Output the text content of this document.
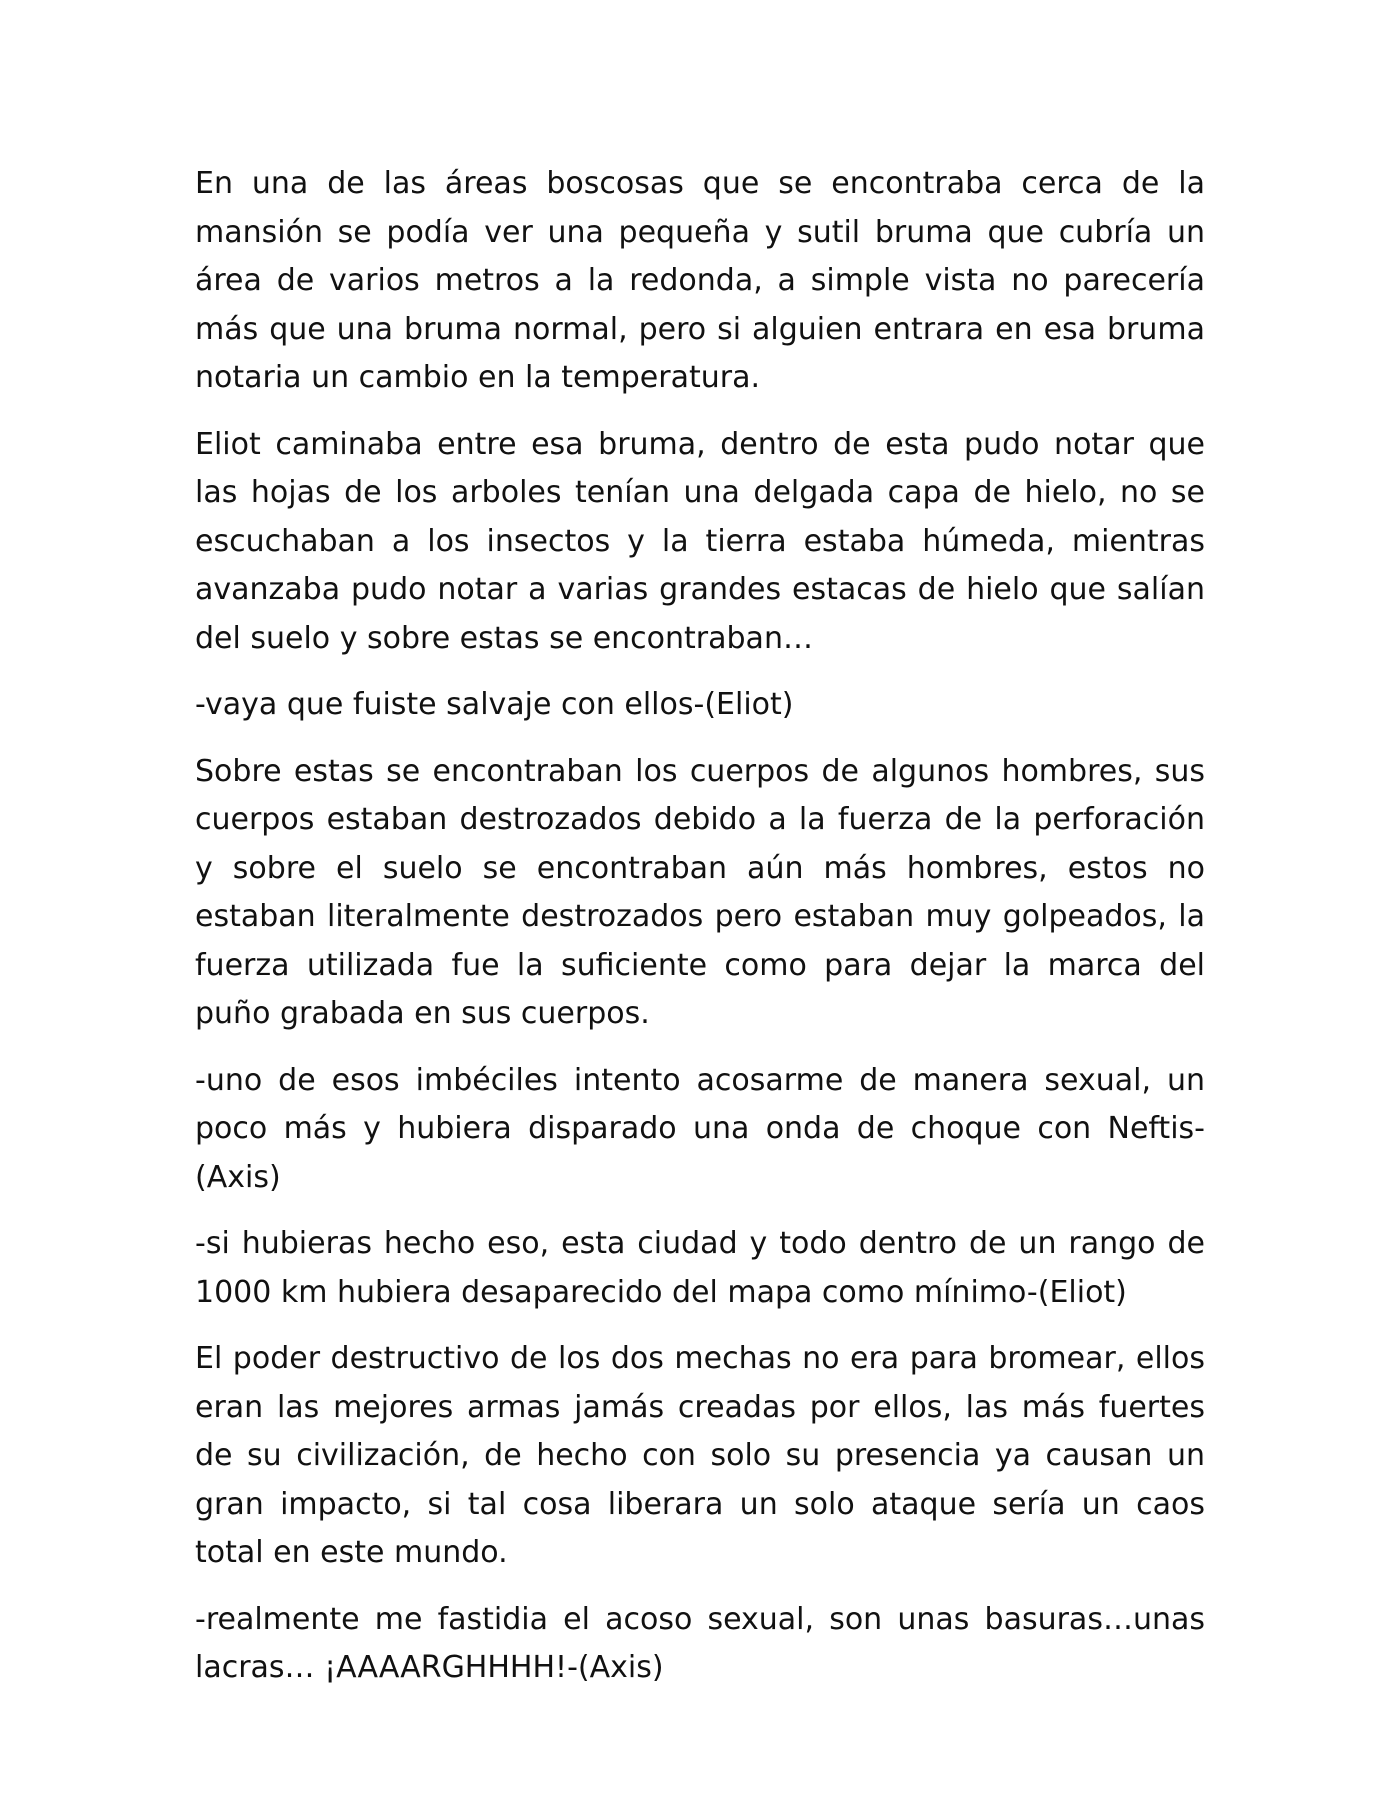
En una de las áreas boscosas que se encontraba cerca de la mansión se podía ver una pequeña y sutil bruma que cubría un área de varios metros a la redonda, a simple vista no parecería más que una bruma normal, pero si alguien entrara en esa bruma notaria un cambio en la temperatura.

Eliot caminaba entre esa bruma, dentro de esta pudo notar que las hojas de los arboles tenían una delgada capa de hielo, no se escuchaban a los insectos y la tierra estaba húmeda, mientras avanzaba pudo notar a varias grandes estacas de hielo que salían del suelo y sobre estas se encontraban…

-vaya que fuiste salvaje con ellos-(Eliot)

Sobre estas se encontraban los cuerpos de algunos hombres, sus cuerpos estaban destrozados debido a la fuerza de la perforación y sobre el suelo se encontraban aún más hombres, estos no estaban literalmente destrozados pero estaban muy golpeados, la fuerza utilizada fue la suficiente como para dejar la marca del puño grabada en sus cuerpos.

-uno de esos imbéciles intento acosarme de manera sexual, un poco más y hubiera disparado una onda de choque con Neftis-(Axis)

-si hubieras hecho eso, esta ciudad y todo dentro de un rango de 1000 km hubiera desaparecido del mapa como mínimo-(Eliot)

El poder destructivo de los dos mechas no era para bromear, ellos eran las mejores armas jamás creadas por ellos, las más fuertes de su civilización, de hecho con solo su presencia ya causan un gran impacto, si tal cosa liberara un solo ataque sería un caos total en este mundo.

-realmente me fastidia el acoso sexual, son unas basuras…unas lacras… ¡AAAARGHHHH!-(Axis)
